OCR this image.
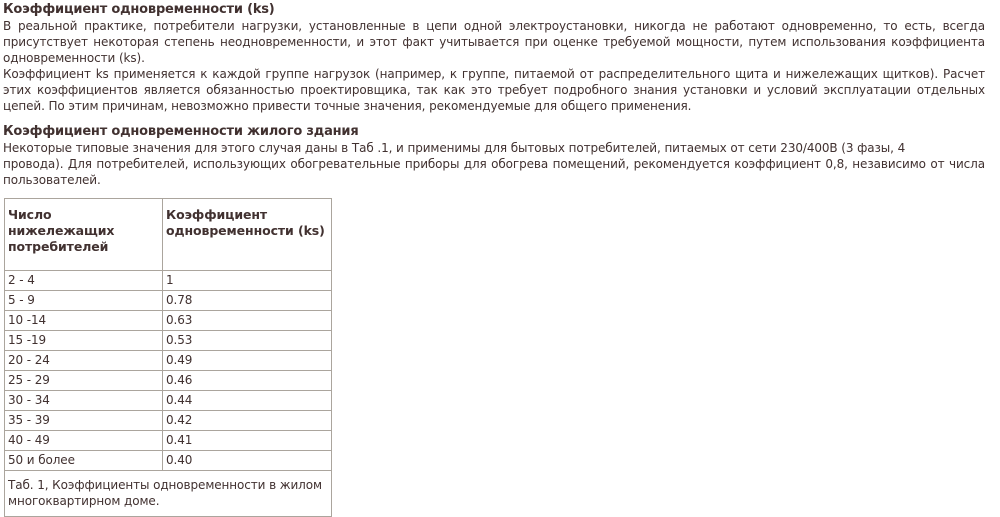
Коэффициент одновременности (ks)
В реальной практике, потребители нагрузки, установленные в цепи одной электроустановки, никогда не работают одновременно, то есть, всегда присутствует некоторая степень неодновременности, и этот факт учитывается при оценке требуемой мощности, путем использования коэффициента одновременности (ks).
Коэффициент ks применяется к каждой группе нагрузок (например, к группе, питаемой от распределительного щита и нижележащих щитков). Расчет этих коэффициентов является обязанностью проектировщика, так как это требует подробного знания установки и условий эксплуатации отдельных цепей. По этим причинам, невозможно привести точные значения, рекомендуемые для общего применения.
Коэффициент одновременности жилого здания
Некоторые типовые значения для этого случая даны в Таб .1, и применимы для бытовых потребителей, питаемых от сети 230/400В (3 фазы, 4
провода). Для потребителей, использующих обогревательные приборы для обогрева помещений, рекомендуется коэффициент 0,8, независимо от числа пользователей.
Число нижележащих потребителей	Коэффициент одновременности (ks)
2 - 4	1
5 - 9	0.78
10 -14	0.63
15 -19	0.53
20 - 24	0.49
25 - 29	0.46
30 - 34	0.44
35 - 39	0.42
40 - 49	0.41
50 и более	0.40
Таб. 1, Коэффициенты одновременности в жилом многоквартирном доме.	
